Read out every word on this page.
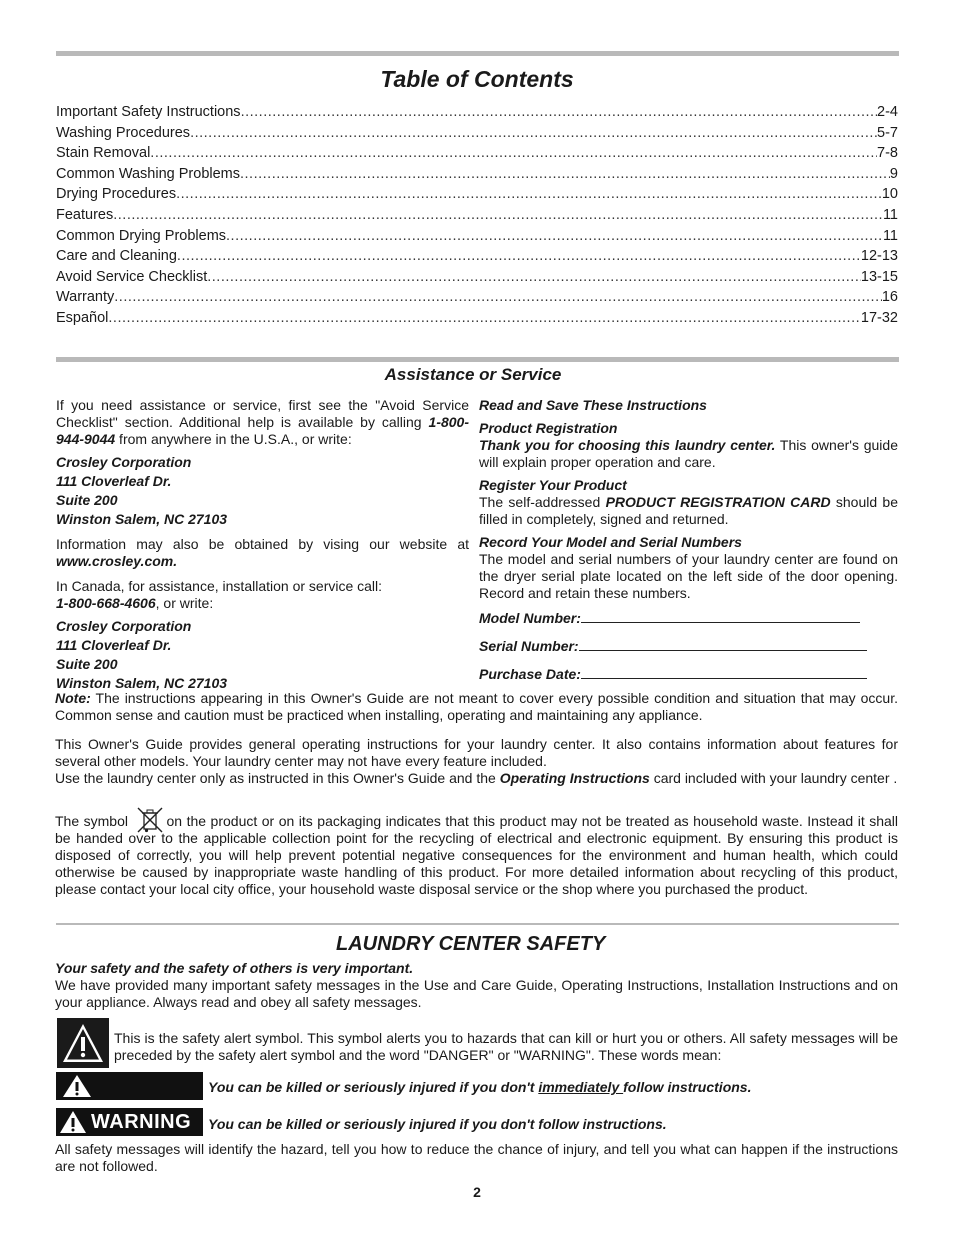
Table of Contents
Important Safety Instructions .....	2-4
Washing Procedures .....	5-7
Stain Removal .....	7-8
Common Washing Problems .....	9
Drying Procedures .....	10
Features .....	11
Common Drying Problems .....	11
Care and Cleaning .....	12-13
Avoid Service Checklist .....	13-15
Warranty .....	16
Español .....	17-32
Assistance or Service

If you need assistance or service, first see the "Avoid Service Checklist" section. Additional help is available by calling 1-800-944-9044 from anywhere in the U.S.A., or write:

Crosley Corporation
111 Cloverleaf Dr.
Suite 200
Winston Salem, NC 27103

Information may also be obtained by vising our website at www.crosley.com.

In Canada, for assistance, installation or service call:
1-800-668-4606, or write:

Crosley Corporation
111 Cloverleaf Dr.
Suite 200
Winston Salem, NC 27103

Read and Save These Instructions

Product Registration
Thank you for choosing this laundry center. This owner's guide will explain proper operation and care.

Register Your Product
The self-addressed PRODUCT REGISTRATION CARD should be filled in completely, signed and returned.

Record Your Model and Serial Numbers
The model and serial numbers of your laundry center are found on the dryer serial plate located on the left side of the door opening. Record and retain these numbers.

Model Number:
Serial Number:
Purchase Date:

Note: The instructions appearing in this Owner's Guide are not meant to cover every possible condition and situation that may occur. Common sense and caution must be practiced when installing, operating and maintaining any appliance.

This Owner's Guide provides general operating instructions for your laundry center. It also contains information about features for several other models. Your laundry center may not have every feature included.

Use the laundry center only as instructed in this Owner's Guide and the Operating Instructions card included with your laundry center .

The symbol on the product or on its packaging indicates that this product may not be treated as household waste. Instead it shall be handed over to the applicable collection point for the recycling of electrical and electronic equipment. By ensuring this product is disposed of correctly, you will help prevent potential negative consequences for the environment and human health, which could otherwise be caused by inappropriate waste handling of this product. For more detailed information about recycling of this product, please contact your local city office, your household waste disposal service or the shop where you purchased the product.

LAUNDRY CENTER SAFETY
Your safety and the safety of others is very important.

We have provided many important safety messages in the Use and Care Guide, Operating Instructions, Installation Instructions and on your appliance. Always read and obey all safety messages.

This is the safety alert symbol. This symbol alerts you to hazards that can kill or hurt you or others. All safety messages will be preceded by the safety alert symbol and the word "DANGER" or "WARNING". These words mean:

You can be killed or seriously injured if you don't immediately follow instructions.
WARNING You can be killed or seriously injured if you don't follow instructions.

All safety messages will identify the hazard, tell you how to reduce the chance of injury, and tell you what can happen if the instructions are not followed.

2
